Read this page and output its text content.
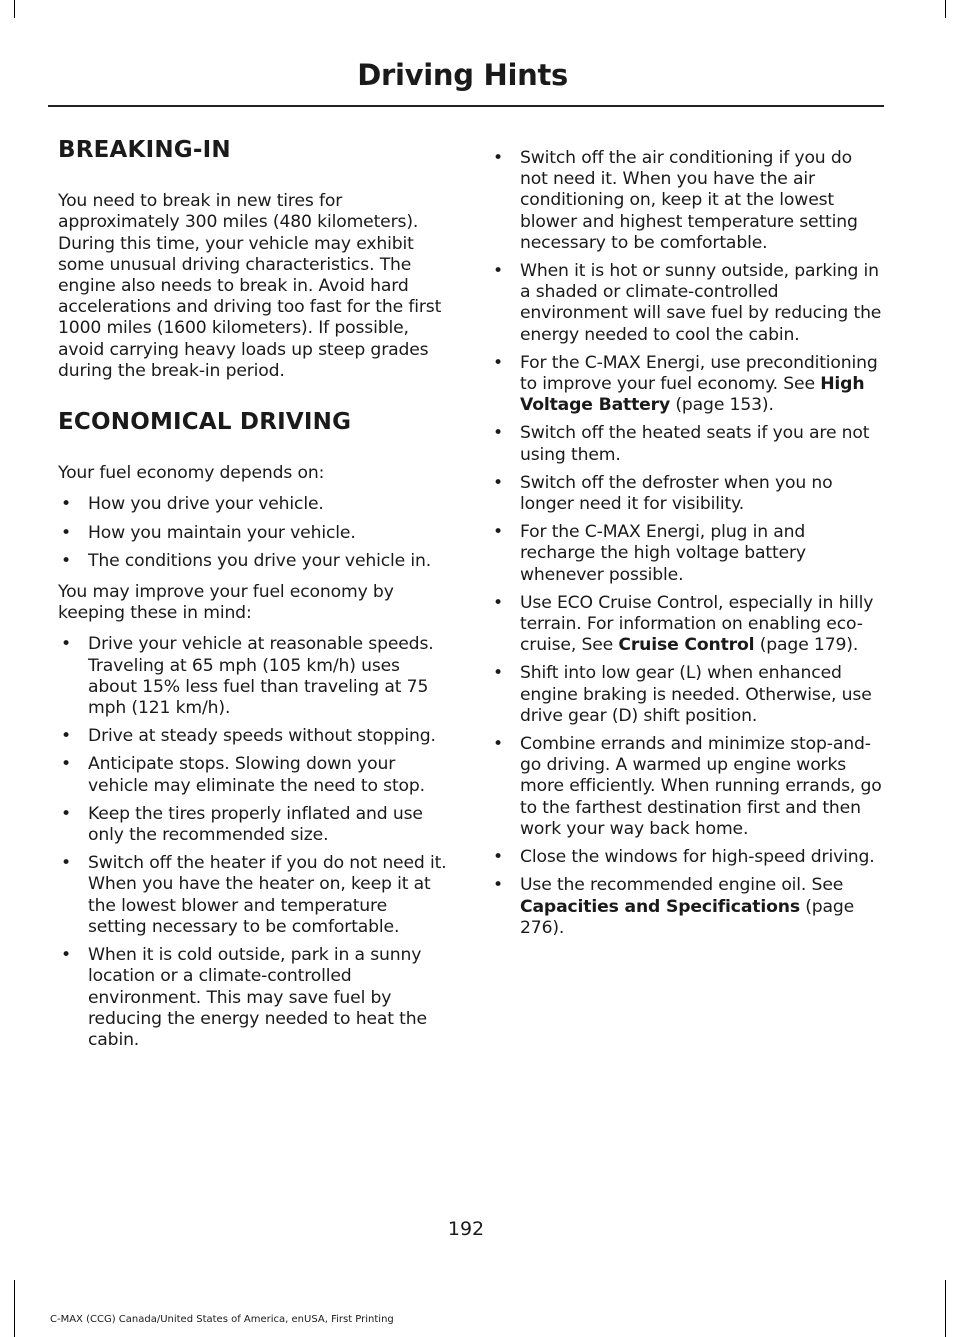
Driving Hints
BREAKING-IN

You need to break in new tires for approximately 300 miles (480 kilometers). During this time, your vehicle may exhibit some unusual driving characteristics. The engine also needs to break in. Avoid hard accelerations and driving too fast for the first 1000 miles (1600 kilometers). If possible, avoid carrying heavy loads up steep grades during the break-in period.

ECONOMICAL DRIVING

Your fuel economy depends on:

• How you drive your vehicle.
• How you maintain your vehicle.
• The conditions you drive your vehicle in.

You may improve your fuel economy by keeping these in mind:

• Drive your vehicle at reasonable speeds. Traveling at 65 mph (105 km/h) uses about 15% less fuel than traveling at 75 mph (121 km/h).
• Drive at steady speeds without stopping.
• Anticipate stops. Slowing down your vehicle may eliminate the need to stop.
• Keep the tires properly inflated and use only the recommended size.
• Switch off the heater if you do not need it. When you have the heater on, keep it at the lowest blower and temperature setting necessary to be comfortable.
• When it is cold outside, park in a sunny location or a climate-controlled environment. This may save fuel by reducing the energy needed to heat the cabin.
• Switch off the air conditioning if you do not need it. When you have the air conditioning on, keep it at the lowest blower and highest temperature setting necessary to be comfortable.
• When it is hot or sunny outside, parking in a shaded or climate-controlled environment will save fuel by reducing the energy needed to cool the cabin.
• For the C-MAX Energi, use preconditioning to improve your fuel economy. See High Voltage Battery (page 153).
• Switch off the heated seats if you are not using them.
• Switch off the defroster when you no longer need it for visibility.
• For the C-MAX Energi, plug in and recharge the high voltage battery whenever possible.
• Use ECO Cruise Control, especially in hilly terrain. For information on enabling eco-cruise, See Cruise Control (page 179).
• Shift into low gear (L) when enhanced engine braking is needed. Otherwise, use drive gear (D) shift position.
• Combine errands and minimize stop-and-go driving. A warmed up engine works more efficiently. When running errands, go to the farthest destination first and then work your way back home.
• Close the windows for high-speed driving.
• Use the recommended engine oil. See Capacities and Specifications (page 276).
192
C-MAX (CCG) Canada/United States of America, enUSA, First Printing
